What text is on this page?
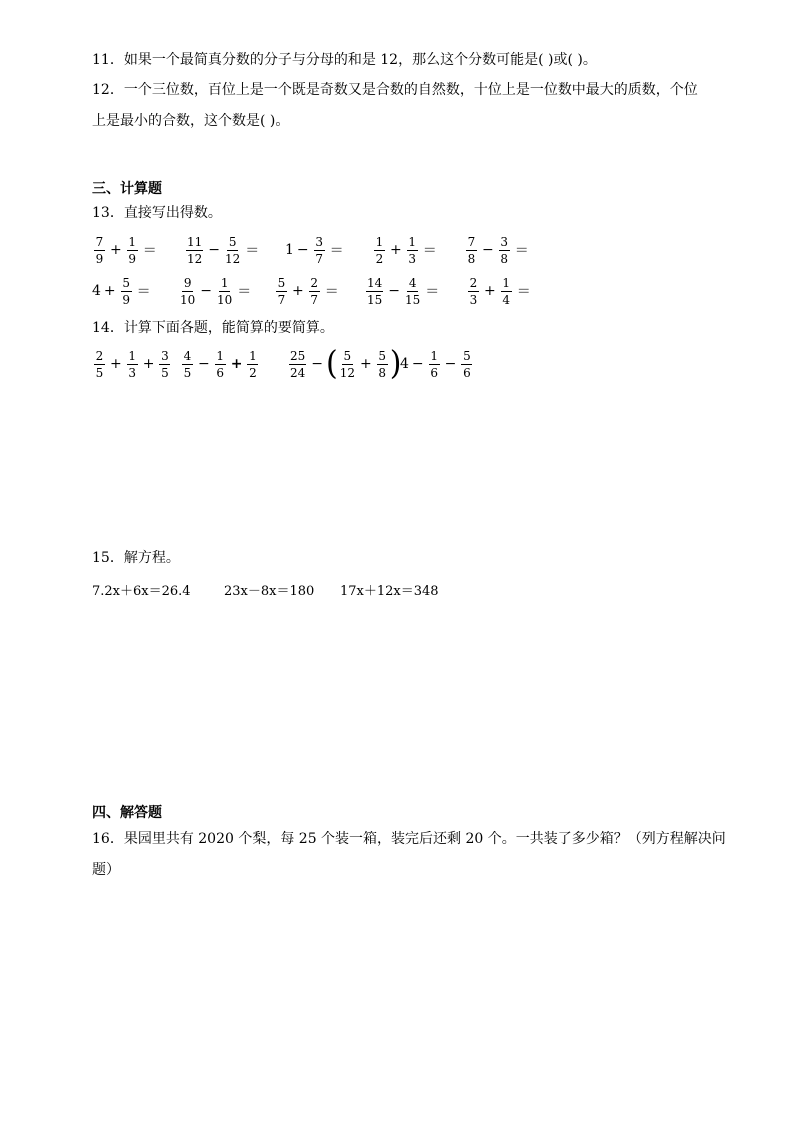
11．如果一个最简真分数的分子与分母的和是 12，那么这个分数可能是( )或( )。
12．一个三位数，百位上是一个既是奇数又是合数的自然数，十位上是一位数中最大的质数，个位
上是最小的合数，这个数是( )。
三、计算题
13．直接写出得数。
$\frac{7}{9} + \frac{1}{9} = \frac{11}{12} - \frac{5}{12} = 1 - \frac{3}{7}$ ＝	$\frac{1}{2} + \frac{1}{3} = \frac{7}{8} - \frac{3}{8}$ ＝
$4 + \frac{5}{9} = \frac{9}{10} - \frac{1}{10} = \frac{5}{7} + \frac{2}{7} = \frac{14}{15} - \frac{4}{15} = \frac{2}{3} + \frac{1}{4}$ ＝
14．计算下面各题，能简算的要简算。
$\frac{2}{5} + \frac{1}{3} + \frac{3}{5} \frac{4}{5} - \frac{1}{6} + \frac{1}{2}$	$\frac{25}{24}$ − ( $\frac{5}{12} + \frac{5}{8}$ )
$4 - \frac{1}{6} - \frac{5}{6}$
15．解方程。
7.2x＋6x＝26.4	23x－8x＝180 17x＋12x＝348
四、解答题
16．果园里共有 2020 个梨，每 25 个装一箱，装完后还剩 20 个。一共装了多少箱？（列方程解决问
题）
